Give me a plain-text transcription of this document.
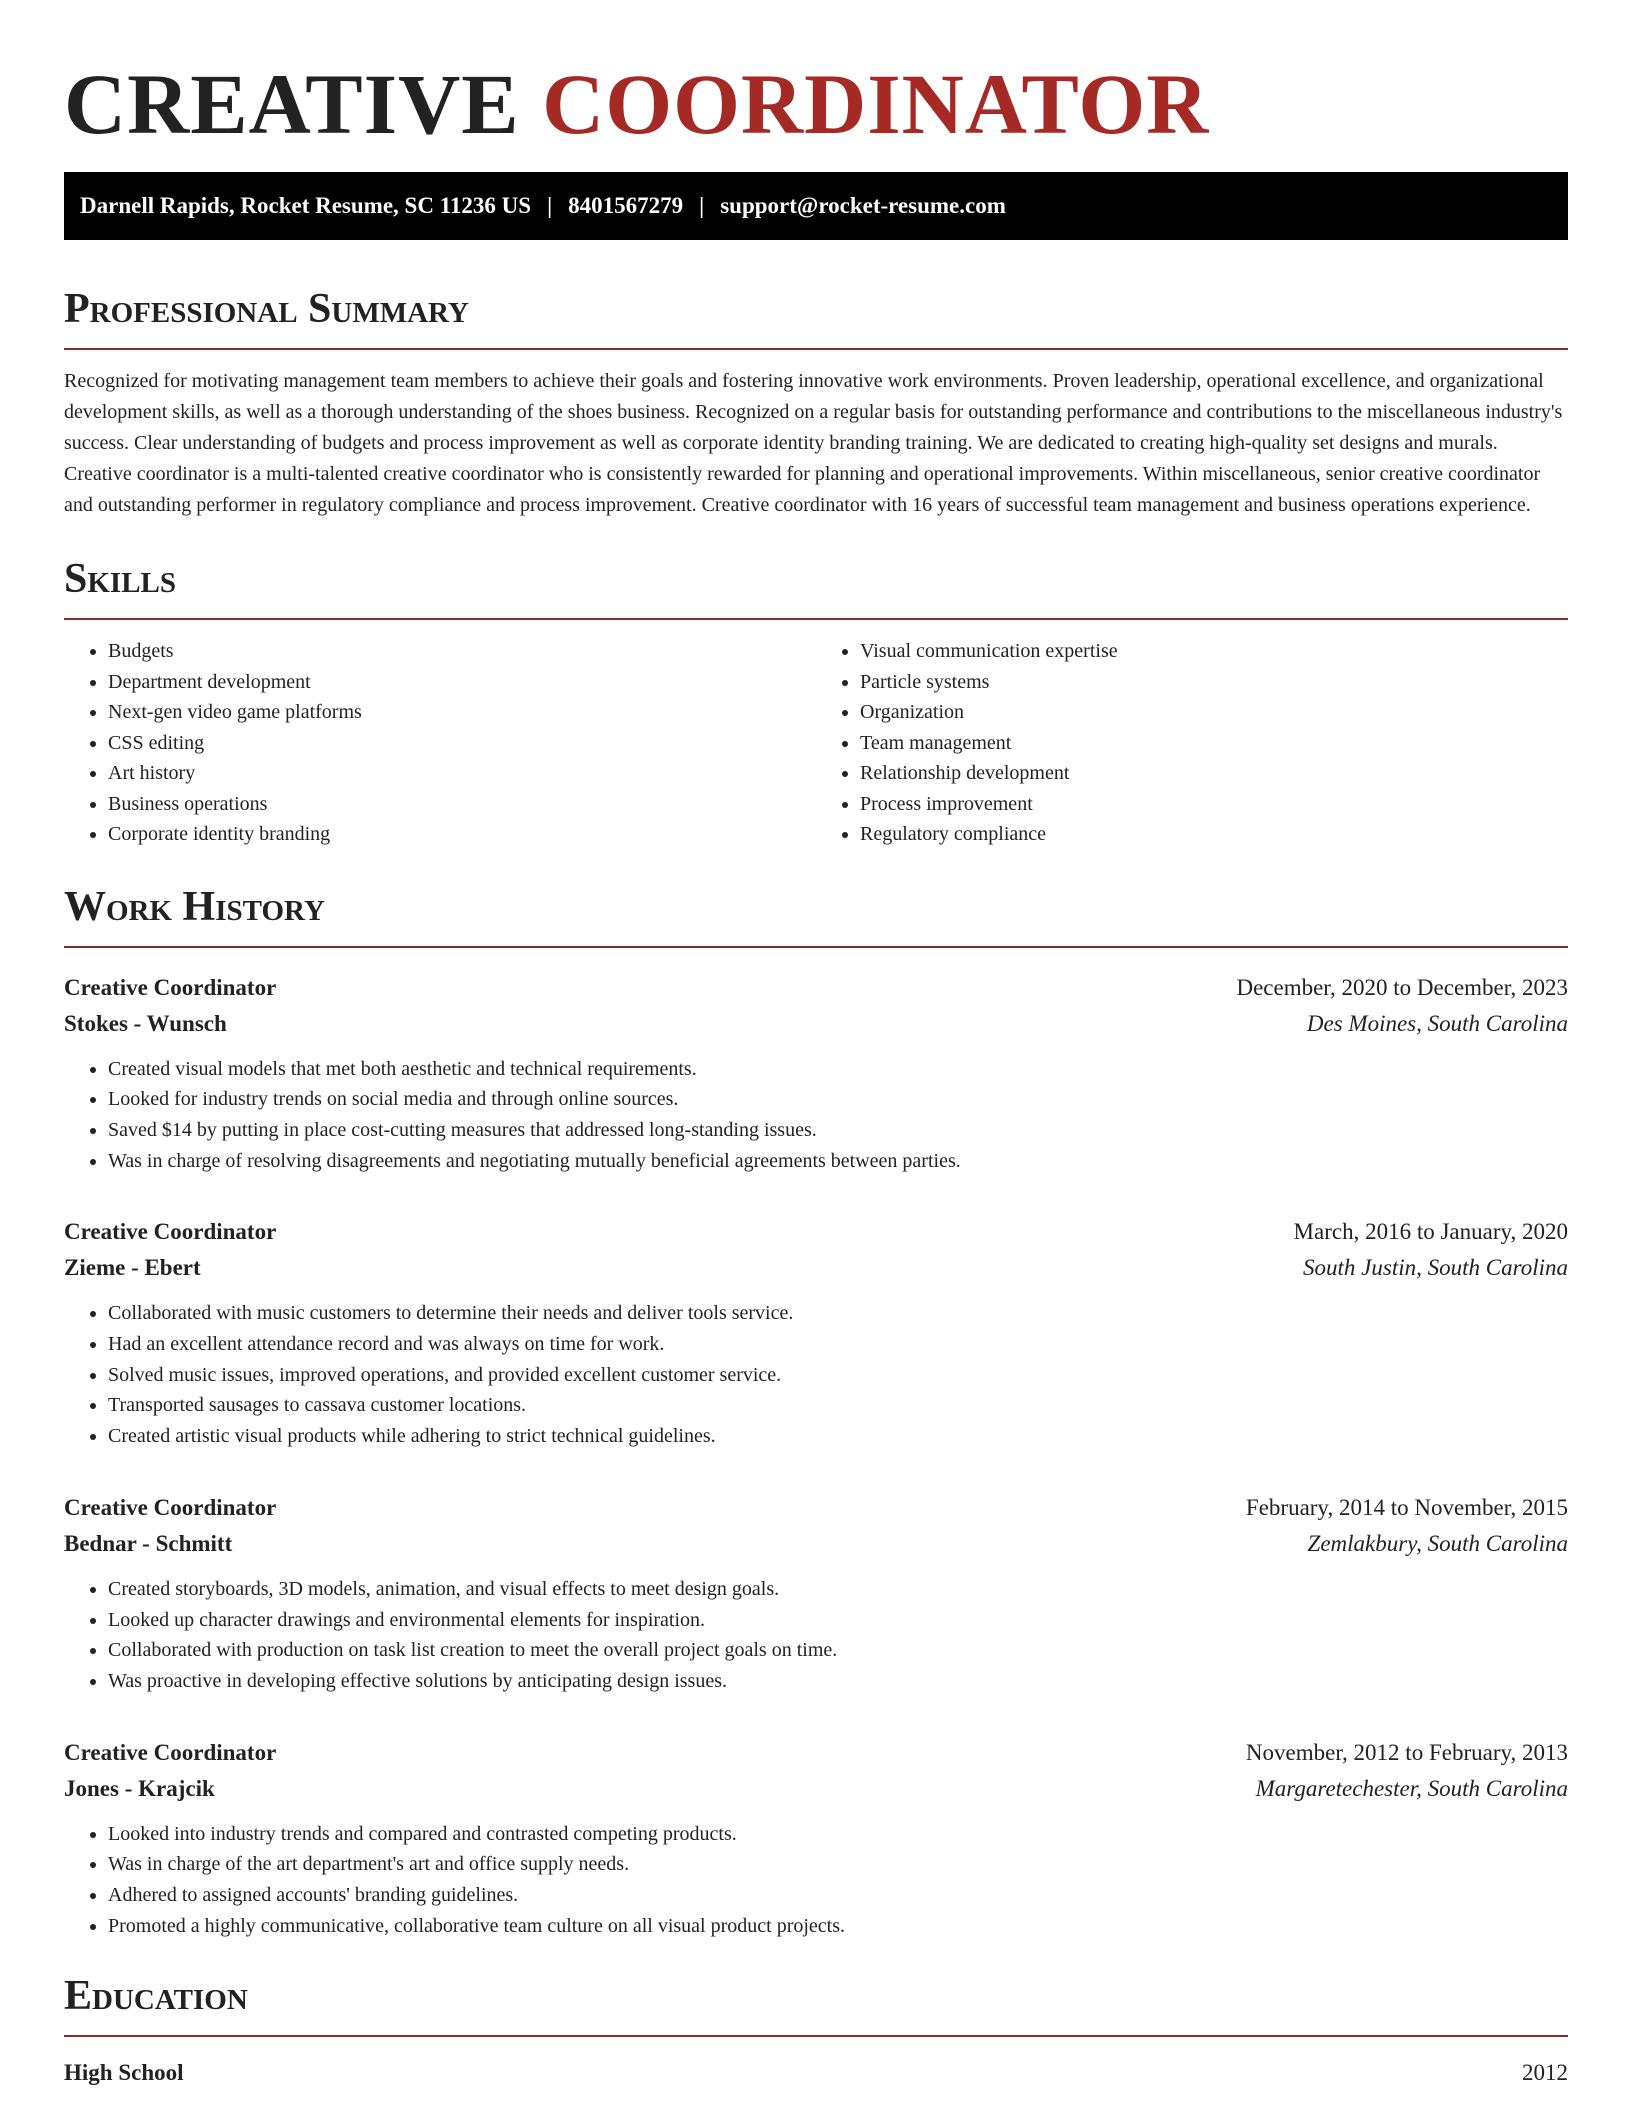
CREATIVE COORDINATOR
Darnell Rapids, Rocket Resume, SC 11236 US | 8401567279 | support@rocket-resume.com
Professional Summary

Recognized for motivating management team members to achieve their goals and fostering innovative work environments. Proven leadership, operational excellence, and organizational development skills, as well as a thorough understanding of the shoes business. Recognized on a regular basis for outstanding performance and contributions to the miscellaneous industry's success. Clear understanding of budgets and process improvement as well as corporate identity branding training. We are dedicated to creating high-quality set designs and murals. Creative coordinator is a multi-talented creative coordinator who is consistently rewarded for planning and operational improvements. Within miscellaneous, senior creative coordinator and outstanding performer in regulatory compliance and process improvement. Creative coordinator with 16 years of successful team management and business operations experience.

Skills
• Budgets
• Department development
• Next-gen video game platforms
• CSS editing
• Art history
• Business operations
• Corporate identity branding
• Visual communication expertise
• Particle systems
• Organization
• Team management
• Relationship development
• Process improvement
• Regulatory compliance
Work History
Creative Coordinator	December, 2020 to December, 2023
Stokes - Wunsch	Des Moines, South Carolina
• Created visual models that met both aesthetic and technical requirements.
• Looked for industry trends on social media and through online sources.
• Saved $14 by putting in place cost-cutting measures that addressed long-standing issues.
• Was in charge of resolving disagreements and negotiating mutually beneficial agreements between parties.
Creative Coordinator	March, 2016 to January, 2020
Zieme - Ebert	South Justin, South Carolina
• Collaborated with music customers to determine their needs and deliver tools service.
• Had an excellent attendance record and was always on time for work.
• Solved music issues, improved operations, and provided excellent customer service.
• Transported sausages to cassava customer locations.
• Created artistic visual products while adhering to strict technical guidelines.
Creative Coordinator	February, 2014 to November, 2015
Bednar - Schmitt	Zemlakbury, South Carolina
• Created storyboards, 3D models, animation, and visual effects to meet design goals.
• Looked up character drawings and environmental elements for inspiration.
• Collaborated with production on task list creation to meet the overall project goals on time.
• Was proactive in developing effective solutions by anticipating design issues.
Creative Coordinator	November, 2012 to February, 2013
Jones - Krajcik	Margaretechester, South Carolina
• Looked into industry trends and compared and contrasted competing products.
• Was in charge of the art department's art and office supply needs.
• Adhered to assigned accounts' branding guidelines.
• Promoted a highly communicative, collaborative team culture on all visual product projects.
Education
High School	2012
